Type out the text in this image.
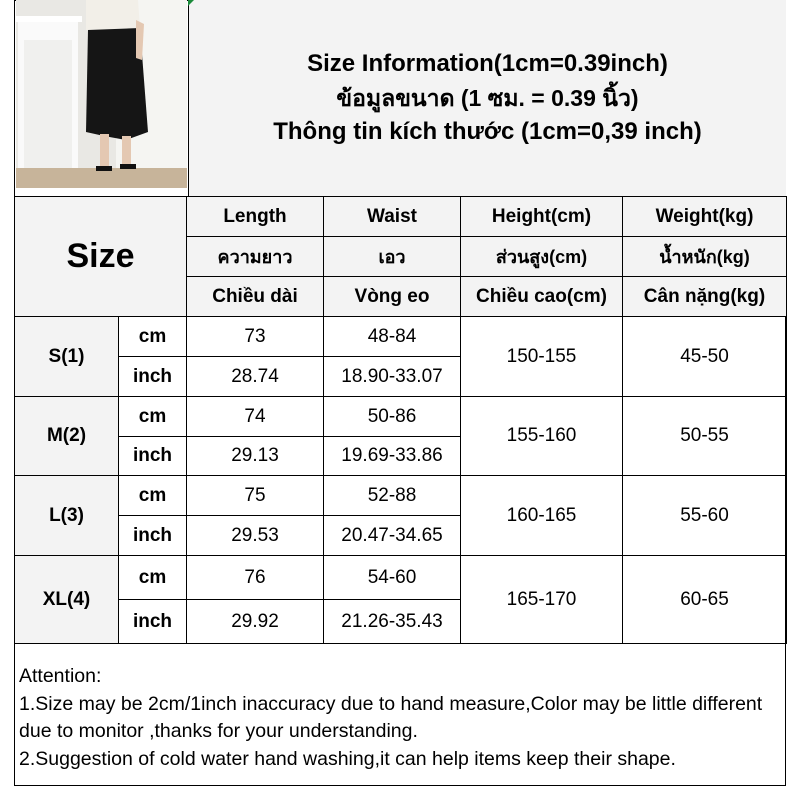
Size Information(1cm=0.39inch)
ข้อมูลขนาด (1 ซม. = 0.39 นิ้ว)
Thông tin kích thước (1cm=0,39 inch)
Size		Length	Waist	Height(cm)	Weight(kg)
		ความยาว	เอว	ส่วนสูง(cm)	น้ำหนัก(kg)
		Chiều dài	Vòng eo	Chiều cao(cm)	Cân nặng(kg)
S(1)	cm	73	48-84	150-155	45-50
	inch	28.74	18.90-33.07		
M(2)	cm	74	50-86	155-160	50-55
	inch	29.13	19.69-33.86		
L(3)	cm	75	52-88	160-165	55-60
	inch	29.53	20.47-34.65		
XL(4)	cm	76	54-60	165-170	60-65
	inch	29.92	21.26-35.43		
Attention:
1.Size may be 2cm/1inch inaccuracy due to hand measure,Color may be little different due to monitor ,thanks for your understanding.
2.Suggestion of cold water hand washing,it can help items keep their shape.
